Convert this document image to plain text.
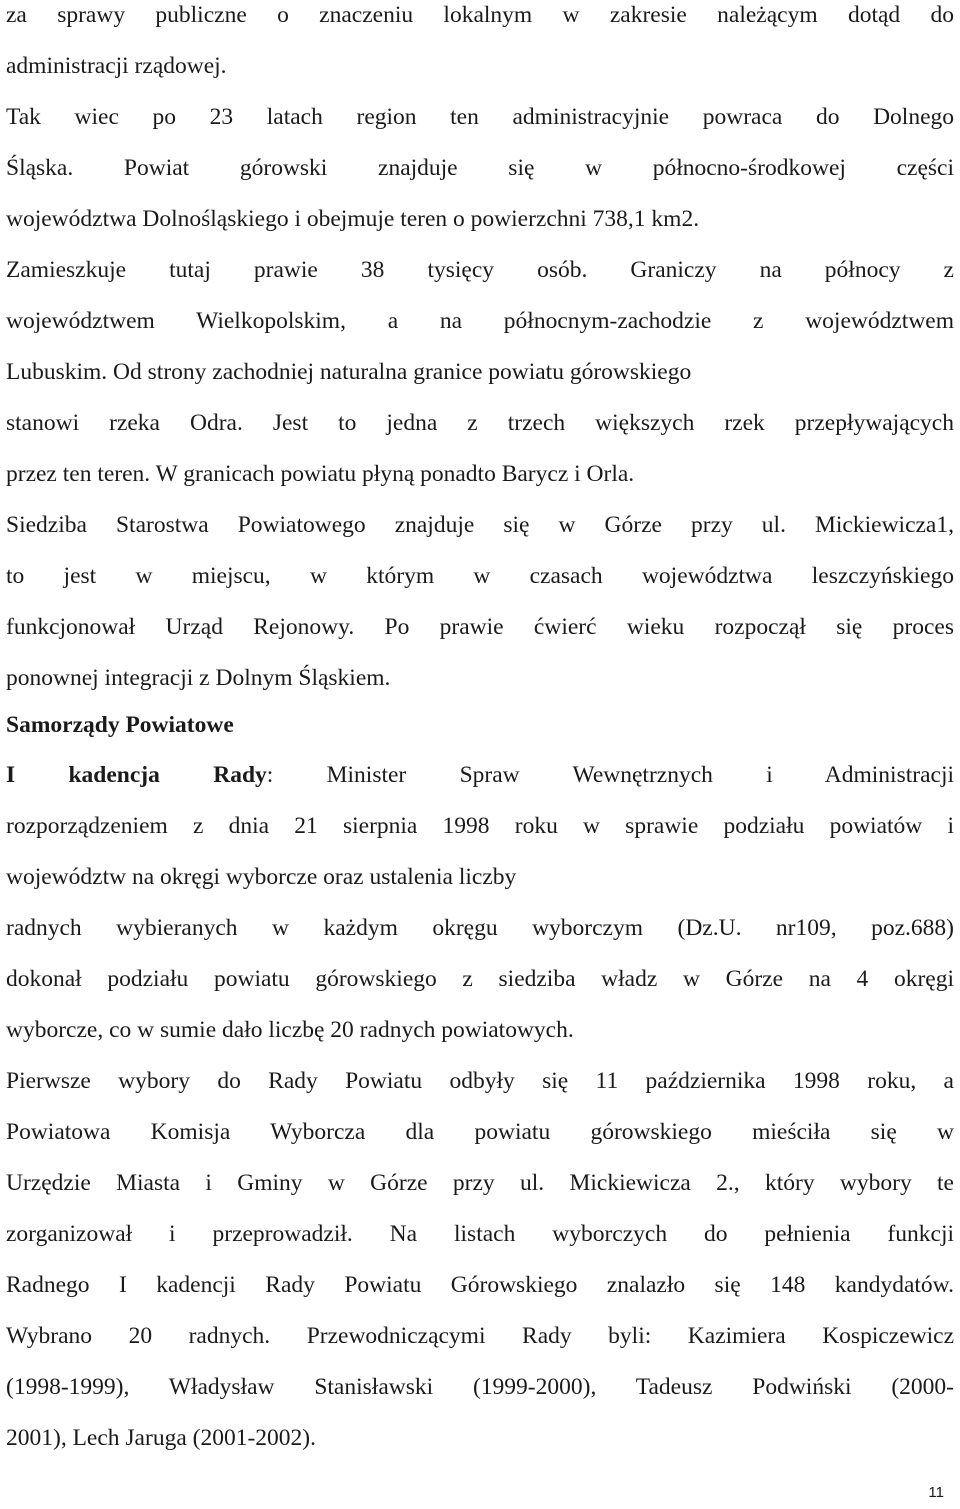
za sprawy publiczne o znaczeniu lokalnym w zakresie należącym dotąd do
administracji rządowej.
Tak wiec po 23 latach region ten administracyjnie powraca do Dolnego
Śląska. Powiat górowski znajduje się w północno-środkowej części
województwa Dolnośląskiego i obejmuje teren o powierzchni 738,1 km2.
Zamieszkuje tutaj prawie 38 tysięcy osób. Graniczy na północy z
województwem Wielkopolskim, a na północnym-zachodzie z województwem
Lubuskim. Od strony zachodniej naturalna granice powiatu górowskiego
stanowi rzeka Odra. Jest to jedna z trzech większych rzek przepływających
przez ten teren. W granicach powiatu płyną ponadto Barycz i Orla.
Siedziba Starostwa Powiatowego znajduje się w Górze przy ul. Mickiewicza1,
to jest w miejscu, w którym w czasach województwa leszczyńskiego
funkcjonował Urząd Rejonowy. Po prawie ćwierć wieku rozpoczął się proces
ponownej integracji z Dolnym Śląskiem.
Samorządy Powiatowe
I kadencja Rady: Minister Spraw Wewnętrznych i Administracji
rozporządzeniem z dnia 21 sierpnia 1998 roku w sprawie podziału powiatów i
województw na okręgi wyborcze oraz ustalenia liczby
radnych wybieranych w każdym okręgu wyborczym (Dz.U. nr109, poz.688)
dokonał podziału powiatu górowskiego z siedziba władz w Górze na 4 okręgi
wyborcze, co w sumie dało liczbę 20 radnych powiatowych.
Pierwsze wybory do Rady Powiatu odbyły się 11 października 1998 roku, a
Powiatowa Komisja Wyborcza dla powiatu górowskiego mieściła się w
Urzędzie Miasta i Gminy w Górze przy ul. Mickiewicza 2., który wybory te
zorganizował i przeprowadził. Na listach wyborczych do pełnienia funkcji
Radnego I kadencji Rady Powiatu Górowskiego znalazło się 148 kandydatów.
Wybrano 20 radnych. Przewodniczącymi Rady byli: Kazimiera Kospiczewicz
(1998-1999), Władysław Stanisławski (1999-2000), Tadeusz Podwiński (2000-
2001), Lech Jaruga (2001-2002).
11
